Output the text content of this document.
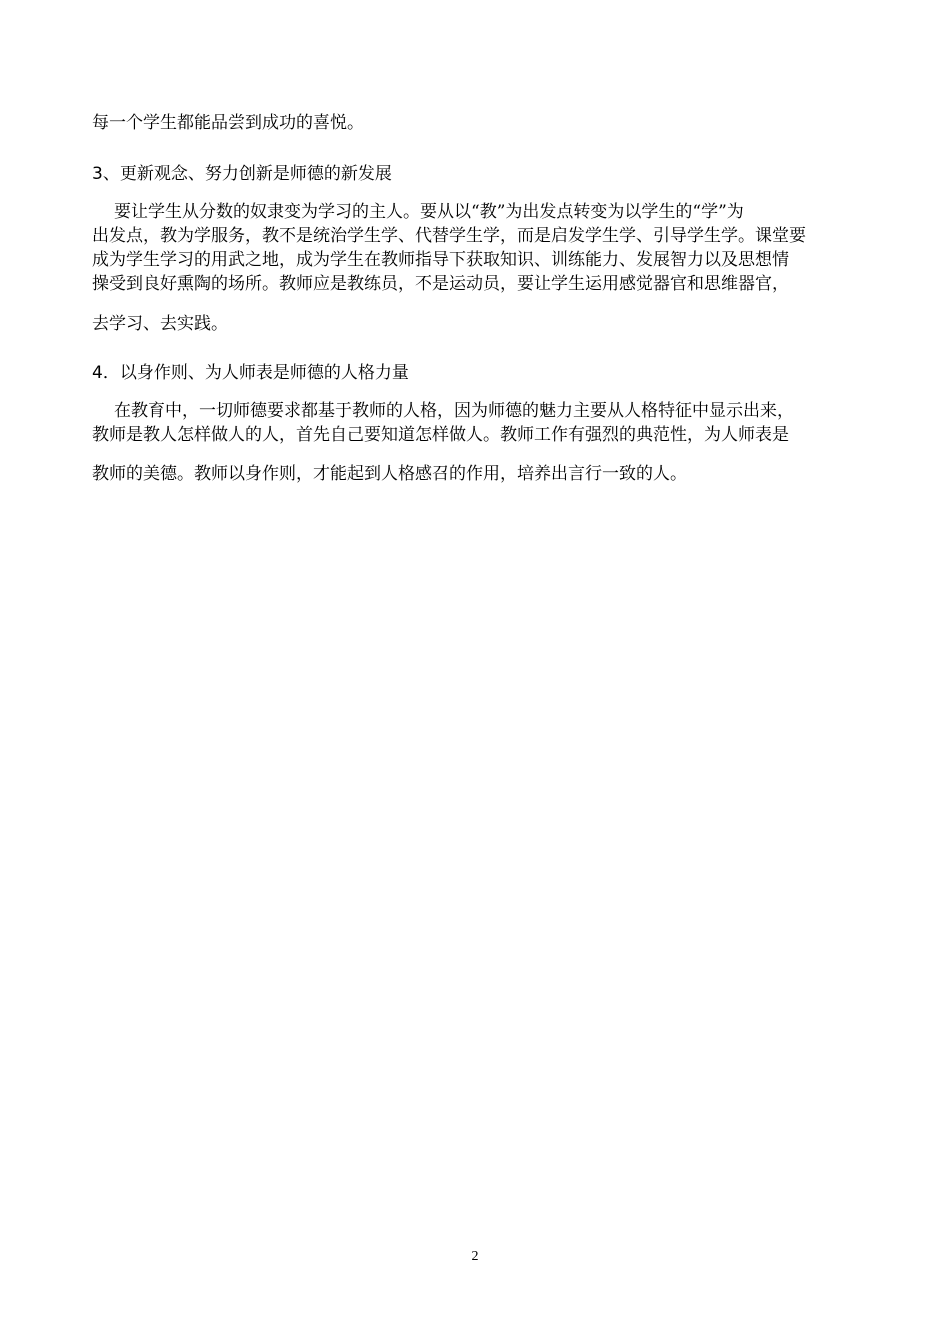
每一个学生都能品尝到成功的喜悦。
3、更新观念、努力创新是师德的新发展
要让学生从分数的奴隶变为学习的主人。要从以“教”为出发点转变为以学生的“学”为
出发点，教为学服务，教不是统治学生学、代替学生学，而是启发学生学、引导学生学。课堂要
成为学生学习的用武之地，成为学生在教师指导下获取知识、训练能力、发展智力以及思想情
操受到良好熏陶的场所。教师应是教练员，不是运动员，要让学生运用感觉器官和思维器官，
去学习、去实践。
4．以身作则、为人师表是师德的人格力量
在教育中，一切师德要求都基于教师的人格，因为师德的魅力主要从人格特征中显示出来，
教师是教人怎样做人的人，首先自己要知道怎样做人。教师工作有强烈的典范性，为人师表是
教师的美德。教师以身作则，才能起到人格感召的作用，培养出言行一致的人。
2
